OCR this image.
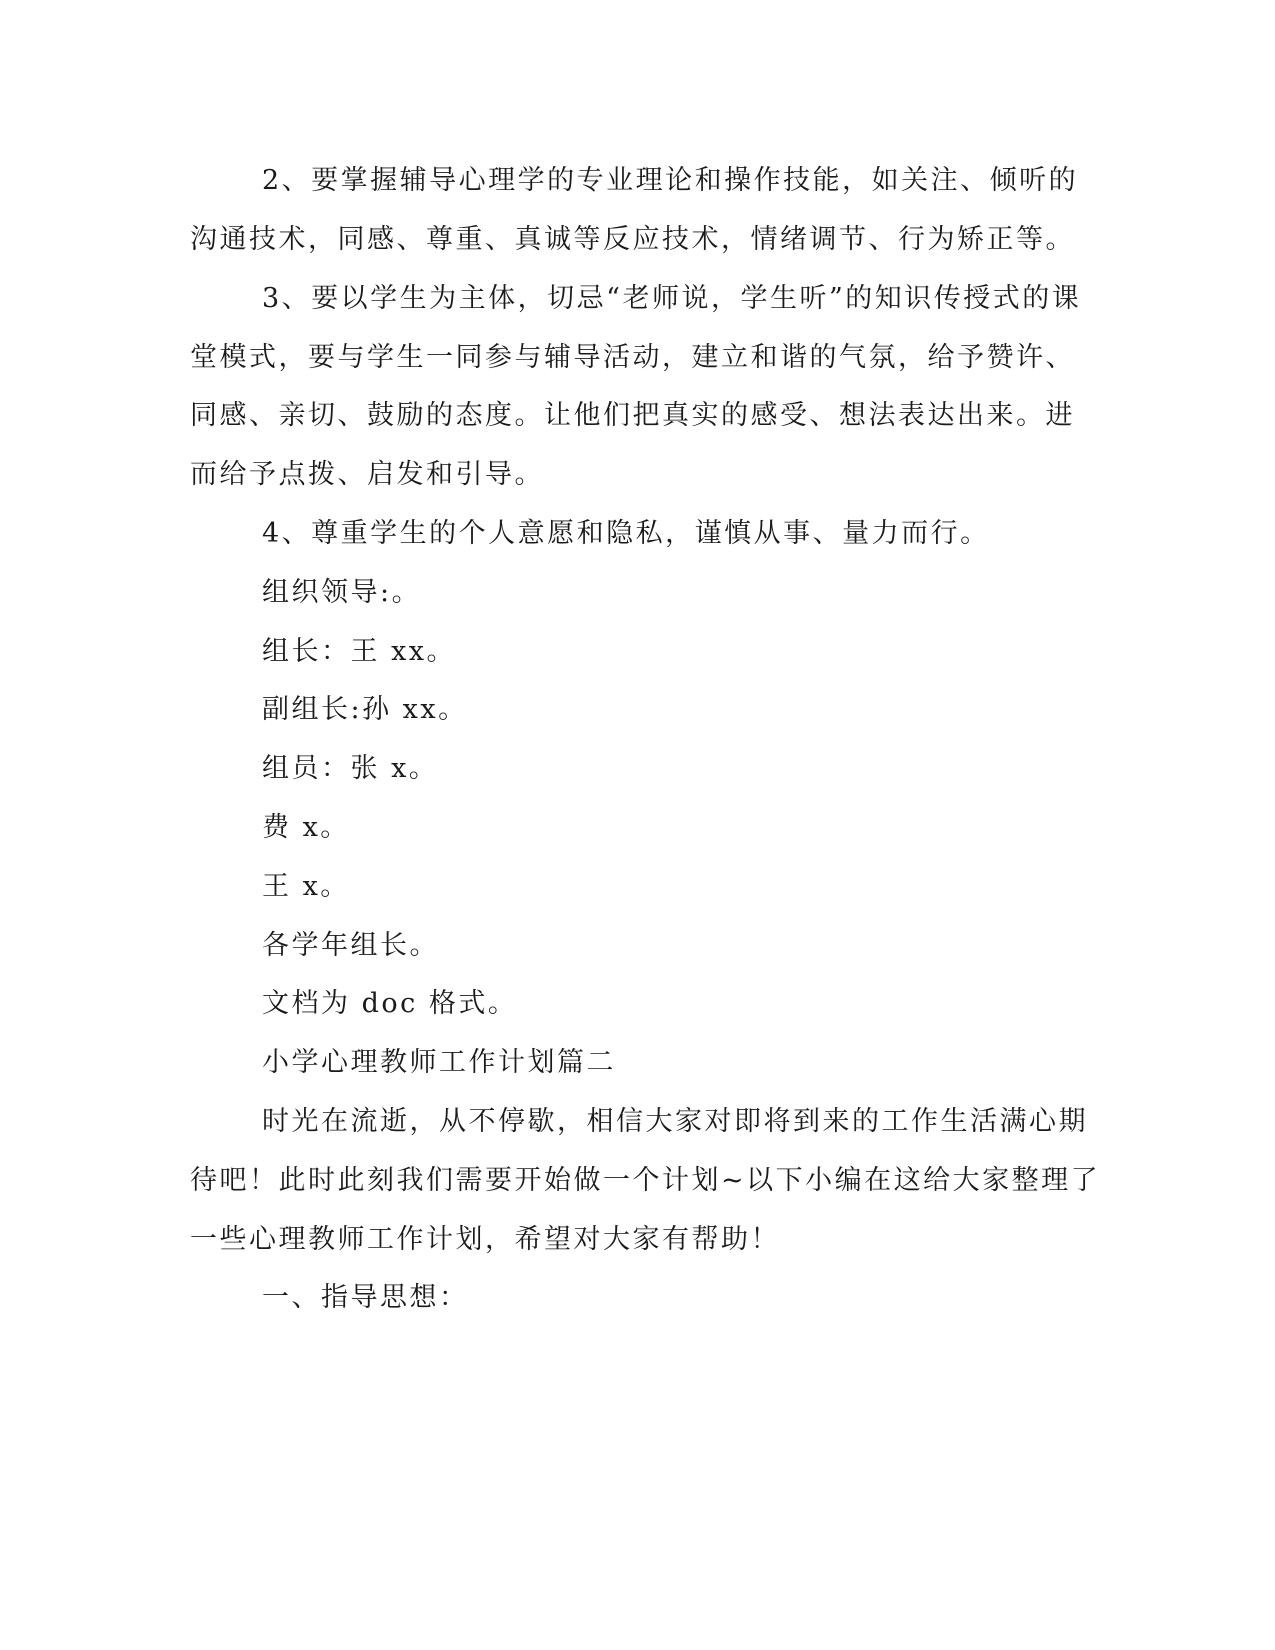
2、要掌握辅导心理学的专业理论和操作技能，如关注、倾听的
沟通技术，同感、尊重、真诚等反应技术，情绪调节、行为矫正等。
3、要以学生为主体，切忌“老师说，学生听”的知识传授式的课
堂模式，要与学生一同参与辅导活动，建立和谐的气氛，给予赞许、
同感、亲切、鼓励的态度。让他们把真实的感受、想法表达出来。进
而给予点拨、启发和引导。
4、尊重学生的个人意愿和隐私，谨慎从事、量力而行。
组织领导:。
组长：王 xx。
副组长:孙 xx。
组员：张 x。
费 x。
王 x。
各学年组长。
文档为 doc 格式。
小学心理教师工作计划篇二
时光在流逝，从不停歇，相信大家对即将到来的工作生活满心期
待吧！此时此刻我们需要开始做一个计划~以下小编在这给大家整理了
一些心理教师工作计划，希望对大家有帮助！
一、指导思想：
